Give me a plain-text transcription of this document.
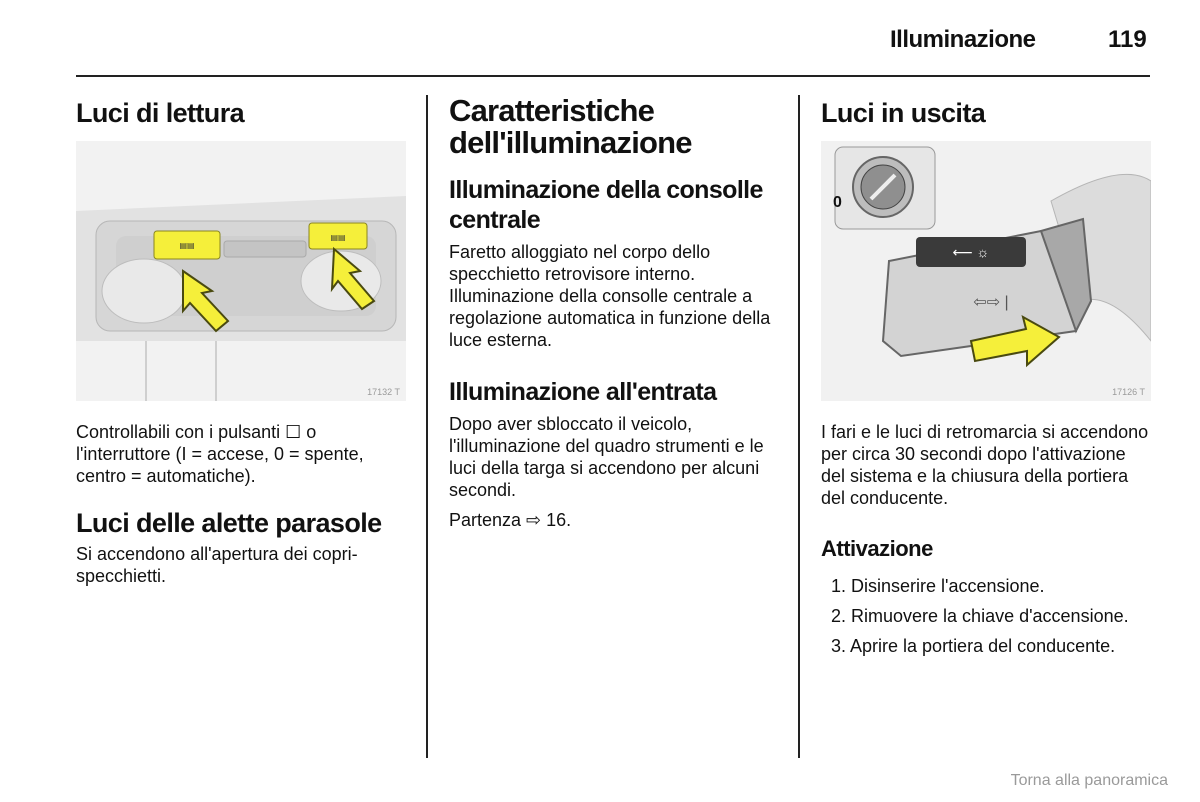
Illuminazione	119
Luci di lettura
▤▤
▤▤
17132 T

Controllabili con i pulsanti ☐ o l'interruttore (I = accese, 0 = spente, centro = automatiche).

Luci delle alette parasole

Si accendono all'apertura dei copri-specchietti.

Caratteristiche dell'illuminazione
Illuminazione della consolle centrale

Faretto alloggiato nel corpo dello specchietto retrovisore interno. Illuminazione della consolle centrale a regolazione automatica in funzione della luce esterna.

Illuminazione all'entrata

Dopo aver sbloccato il veicolo, l'illuminazione del quadro strumenti e le luci della targa si accendono per alcuni secondi.

Partenza ⇨ 16.

Luci in uscita
0
⟵ ☼
⇦⇨ |
17126 T

I fari e le luci di retromarcia si accendono per circa 30 secondi dopo l'attivazione del sistema e la chiusura della portiera del conducente.

Attivazione
1. Disinserire l'accensione.
2. Rimuovere la chiave d'accensione.
3. Aprire la portiera del conducente.
Torna alla panoramica
